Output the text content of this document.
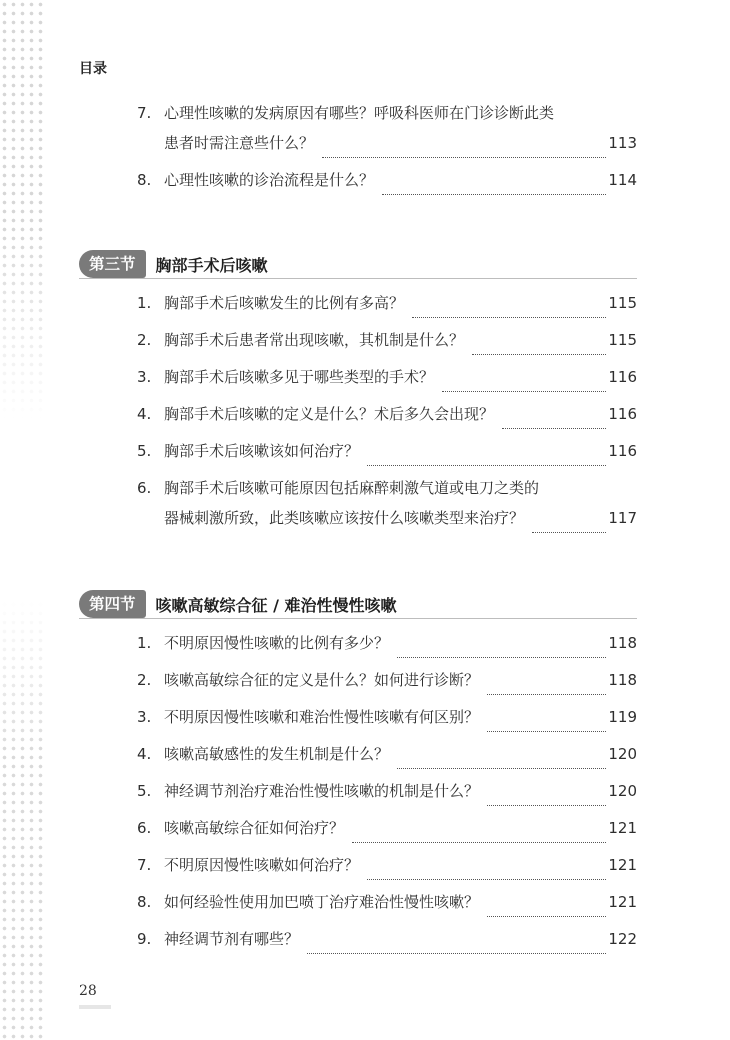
目录
7. 心理性咳嗽的发病原因有哪些？呼吸科医师在门诊诊断此类
患者时需注意些什么？	113
8. 心理性咳嗽的诊治流程是什么？	114
第三节	胸部手术后咳嗽
1. 胸部手术后咳嗽发生的比例有多高？	115
2. 胸部手术后患者常出现咳嗽，其机制是什么？	115
3. 胸部手术后咳嗽多见于哪些类型的手术？	116
4. 胸部手术后咳嗽的定义是什么？术后多久会出现？	116
5. 胸部手术后咳嗽该如何治疗？	116
6. 胸部手术后咳嗽可能原因包括麻醉刺激气道或电刀之类的
器械刺激所致，此类咳嗽应该按什么咳嗽类型来治疗？	117
第四节	咳嗽高敏综合征 / 难治性慢性咳嗽
1. 不明原因慢性咳嗽的比例有多少？	118
2. 咳嗽高敏综合征的定义是什么？如何进行诊断？	118
3. 不明原因慢性咳嗽和难治性慢性咳嗽有何区别？	119
4. 咳嗽高敏感性的发生机制是什么？	120
5. 神经调节剂治疗难治性慢性咳嗽的机制是什么？	120
6. 咳嗽高敏综合征如何治疗？	121
7. 不明原因慢性咳嗽如何治疗？	121
8. 如何经验性使用加巴喷丁治疗难治性慢性咳嗽？	121
9. 神经调节剂有哪些？	122
28
